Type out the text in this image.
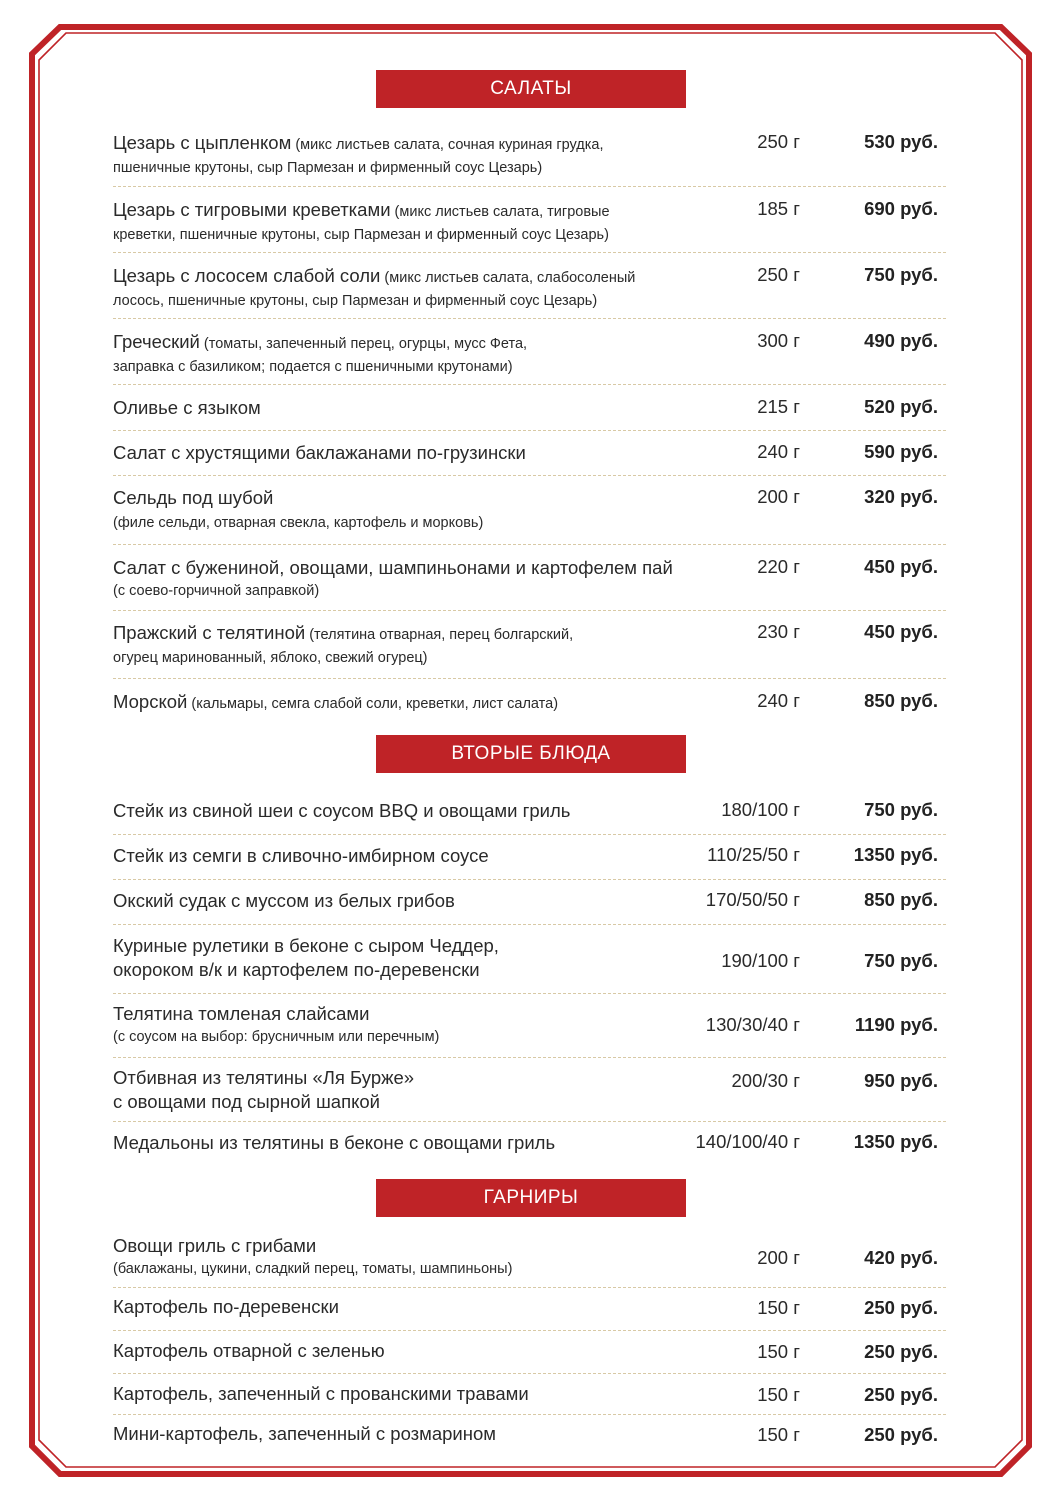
САЛАТЫ
Цезарь с цыпленком (микс листьев салата, сочная куриная грудка,
пшеничные крутоны, сыр Пармезан и фирменный соус Цезарь)
250 г	530 руб.
Цезарь с тигровыми креветками (микс листьев салата, тигровые
креветки, пшеничные крутоны, сыр Пармезан и фирменный соус Цезарь)
185 г	690 руб.
Цезарь с лососем слабой соли (микс листьев салата, слабосоленый
лосось, пшеничные крутоны, сыр Пармезан и фирменный соус Цезарь)
250 г	750 руб.
Греческий (томаты, запеченный перец, огурцы, мусс Фета,
заправка с базиликом; подается с пшеничными крутонами)
300 г	490 руб.
Оливье с языком	215 г	520 руб.
Салат с хрустящими баклажанами по-грузински	240 г	590 руб.
Сельдь под шубой
(филе сельди, отварная свекла, картофель и морковь)
200 г	320 руб.
Салат с бужениной, овощами, шампиньонами и картофелем пай
(с соево-горчичной заправкой)
220 г	450 руб.
Пражский с телятиной (телятина отварная, перец болгарский,
огурец маринованный, яблоко, свежий огурец)
230 г	450 руб.
Морской (кальмары, семга слабой соли, креветки, лист салата)	240 г	850 руб.
ВТОРЫЕ БЛЮДА
Стейк из свиной шеи с соусом BBQ и овощами гриль	180/100 г	750 руб.
Стейк из семги в сливочно-имбирном соусе	110/25/50 г	1350 руб.
Окский судак с муссом из белых грибов	170/50/50 г	850 руб.
Куриные рулетики в беконе с сыром Чеддер,
окороком в/к и картофелем по-деревенски	190/100 г	750 руб.
Телятина томленая слайсами
(с соусом на выбор: брусничным или перечным)
130/30/40 г	1190 руб.
Отбивная из телятины «Ля Бурже»
с овощами под сырной шапкой
200/30 г	950 руб.
Медальоны из телятины в беконе с овощами гриль	140/100/40 г	1350 руб.
ГАРНИРЫ
Овощи гриль с грибами
(баклажаны, цукини, сладкий перец, томаты, шампиньоны)
200 г	420 руб.
Картофель по-деревенски	150 г	250 руб.
Картофель отварной с зеленью	150 г	250 руб.
Картофель, запеченный с прованскими травами	150 г	250 руб.
Мини-картофель, запеченный с розмарином	150 г	250 руб.
